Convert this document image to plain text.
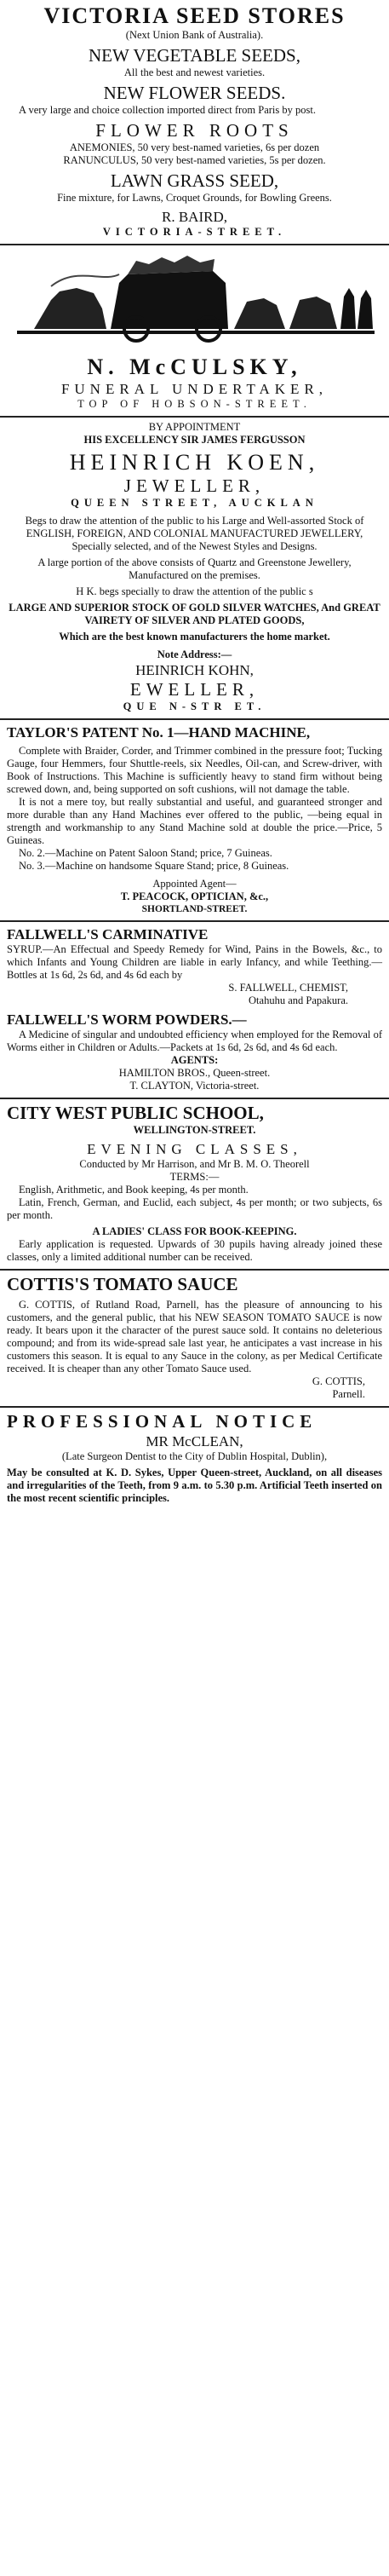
VICTORIA SEED STORES

(Next Union Bank of Australia).

NEW VEGETABLE SEEDS,

All the best and newest varieties.

NEW FLOWER SEEDS.

A very large and choice collection imported direct from Paris by post.

FLOWER ROOTS

ANEMONIES, 50 very best-named varieties, 6s per dozen

RANUNCULUS, 50 very best-named varieties, 5s per dozen.

LAWN GRASS SEED,

Fine mixture, for Lawns, Croquet Grounds, for Bowling Greens.

R. BAIRD,

VICTORIA-STREET.

N. McCULSKY,

FUNERAL UNDERTAKER,

TOP OF HOBSON-STREET.

BY APPOINTMENT

HIS EXCELLENCY SIR JAMES FERGUSSON

HEINRICH KOEN,

JEWELLER,

QUEEN STREET, AUCKLAN

Begs to draw the attention of the public to his Large and Well-assorted Stock of ENGLISH, FOREIGN, AND COLONIAL MANUFACTURED JEWELLERY, Specially selected, and of the Newest Styles and Designs.

A large portion of the above consists of Quartz and Greenstone Jewellery, Manufactured on the premises.

H K. begs specially to draw the attention of the public s

LARGE AND SUPERIOR STOCK OF GOLD SILVER WATCHES, And GREAT VAIRETY OF SILVER AND PLATED GOODS,

Which are the best known manufacturers the home market.

Note Address:—

HEINRICH KOHN,

EWELLER,

QUE N-STR ET.

TAYLOR'S PATENT No. 1—HAND MACHINE,

Complete with Braider, Corder, and Trimmer combined in the pressure foot; Tucking Gauge, four Hemmers, four Shuttle-reels, six Needles, Oil-can, and Screw-driver, with Book of Instructions. This Machine is sufficiently heavy to stand firm without being screwed down, and, being supported on soft cushions, will not damage the table.

It is not a mere toy, but really substantial and useful, and guaranteed stronger and more durable than any Hand Machines ever offered to the public, —being equal in strength and workmanship to any Stand Machine sold at double the price.—Price, 5 Guineas.

No. 2.—Machine on Patent Saloon Stand; price, 7 Guineas.

No. 3.—Machine on handsome Square Stand; price, 8 Guineas.

Appointed Agent—

T. PEACOCK, OPTICIAN, &c.,

SHORTLAND-STREET.

FALLWELL'S CARMINATIVE

SYRUP.—An Effectual and Speedy Remedy for Wind, Pains in the Bowels, &c., to which Infants and Young Children are liable in early Infancy, and while Teething.—Bottles at 1s 6d, 2s 6d, and 4s 6d each by

S. FALLWELL, CHEMIST,

Otahuhu and Papakura.

FALLWELL'S WORM POWDERS.—

A Medicine of singular and undoubted efficiency when employed for the Removal of Worms either in Children or Adults.—Packets at 1s 6d, 2s 6d, and 4s 6d each.

AGENTS:

HAMILTON BROS., Queen-street.

T. CLAYTON, Victoria-street.

CITY WEST PUBLIC SCHOOL,

WELLINGTON-STREET.

EVENING CLASSES,

Conducted by Mr Harrison, and Mr B. M. O. Theorell

TERMS:—

English, Arithmetic, and Book keeping, 4s per month.

Latin, French, German, and Euclid, each subject, 4s per month; or two subjects, 6s per month.

A LADIES' CLASS FOR BOOK-KEEPING.

Early application is requested. Upwards of 30 pupils having already joined these classes, only a limited additional number can be received.

COTTIS'S TOMATO SAUCE

G. COTTIS, of Rutland Road, Parnell, has the pleasure of announcing to his customers, and the general public, that his NEW SEASON TOMATO SAUCE is now ready. It bears upon it the character of the purest sauce sold. It contains no deleterious compound; and from its wide-spread sale last year, he anticipates a vast increase in his customers this season. It is equal to any Sauce in the colony, as per Medical Certificate received. It is cheaper than any other Tomato Sauce used.

G. COTTIS,

Parnell.

PROFESSIONAL NOTICE

MR McCLEAN,

(Late Surgeon Dentist to the City of Dublin Hospital, Dublin),

May be consulted at K. D. Sykes, Upper Queen-street, Auckland, on all diseases and irregularities of the Teeth, from 9 a.m. to 5.30 p.m. Artificial Teeth inserted on the most recent scientific principles.
